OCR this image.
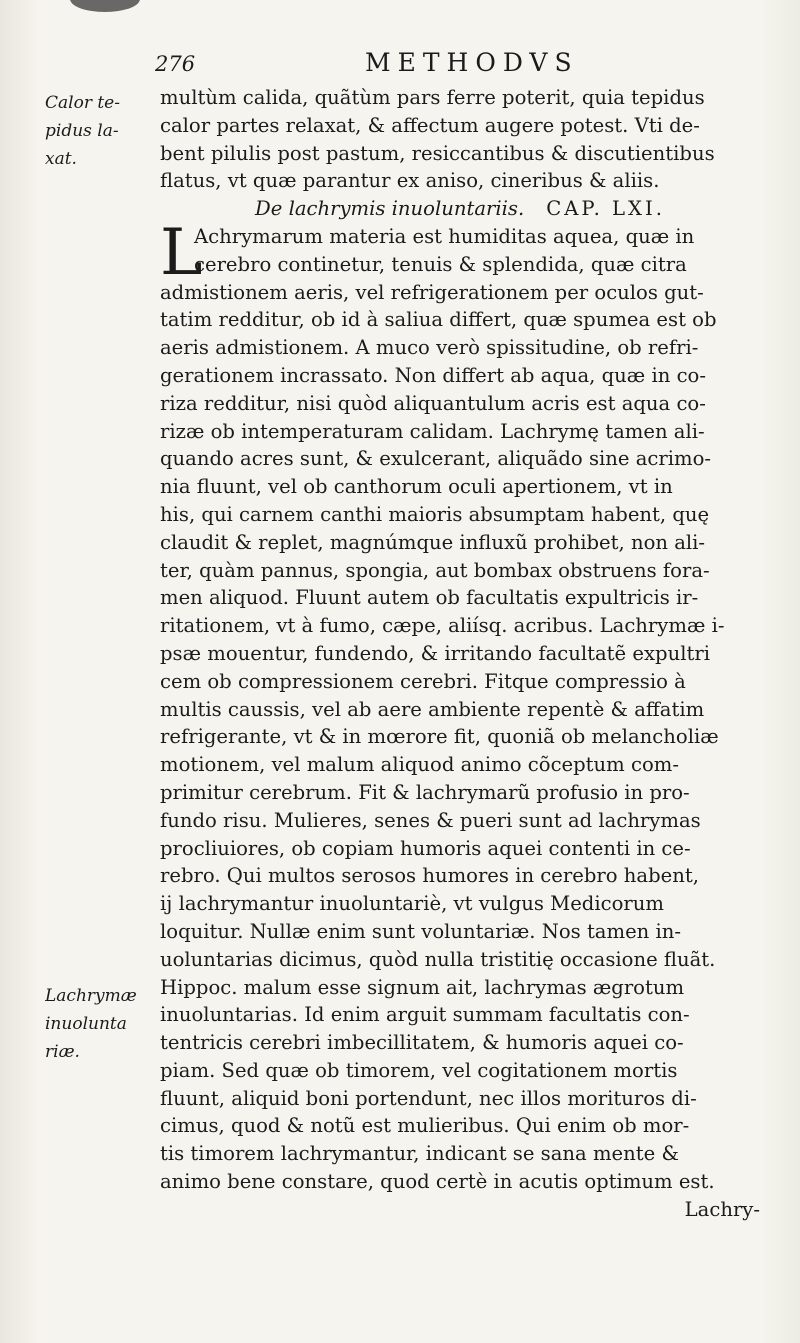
276	METHODVS
Calor te-
pidus la-
xat.
Lachrymæ
inuolunta
riæ.
multùm calida, quãtùm pars ferre poterit, quia tepidus
calor partes relaxat, & affectum augere potest. Vti de-
bent pilulis post pastum, resiccantibus & discutientibus
flatus, vt quæ parantur ex aniso, cineribus & aliis.
De lachrymis inuoluntariis. CAP. LXI.
L
Achrymarum materia est humiditas aquea, quæ in
cerebro continetur, tenuis & splendida, quæ citra
admistionem aeris, vel refrigerationem per oculos gut-
tatim redditur, ob id à saliua differt, quæ spumea est ob
aeris admistionem. A muco verò spissitudine, ob refri-
gerationem incrassato. Non differt ab aqua, quæ in co-
riza redditur, nisi quòd aliquantulum acris est aqua co-
rizæ ob intemperaturam calidam. Lachrymę tamen ali-
quando acres sunt, & exulcerant, aliquãdo sine acrimo-
nia fluunt, vel ob canthorum oculi apertionem, vt in
his, qui carnem canthi maioris absumptam habent, quę
claudit & replet, magnúmque influxũ prohibet, non ali-
ter, quàm pannus, spongia, aut bombax obstruens fora-
men aliquod. Fluunt autem ob facultatis expultricis ir-
ritationem, vt à fumo, cæpe, aliísq. acribus. Lachrymæ i-
psæ mouentur, fundendo, & irritando facultatẽ expultri
cem ob compressionem cerebri. Fitque compressio à
multis caussis, vel ab aere ambiente repentè & affatim
refrigerante, vt & in mœrore fit, quoniã ob melancholiæ
motionem, vel malum aliquod animo cõceptum com-
primitur cerebrum. Fit & lachrymarũ profusio in pro-
fundo risu. Mulieres, senes & pueri sunt ad lachrymas
procliuiores, ob copiam humoris aquei contenti in ce-
rebro. Qui multos serosos humores in cerebro habent,
ij lachrymantur inuoluntariè, vt vulgus Medicorum
loquitur. Nullæ enim sunt voluntariæ. Nos tamen in-
uoluntarias dicimus, quòd nulla tristitię occasione fluãt.
Hippoc. malum esse signum ait, lachrymas ægrotum
inuoluntarias. Id enim arguit summam facultatis con-
tentricis cerebri imbecillitatem, & humoris aquei co-
piam. Sed quæ ob timorem, vel cogitationem mortis
fluunt, aliquid boni portendunt, nec illos morituros di-
cimus, quod & notũ est mulieribus. Qui enim ob mor-
tis timorem lachrymantur, indicant se sana mente &
animo bene constare, quod certè in acutis optimum est.
Lachry-
